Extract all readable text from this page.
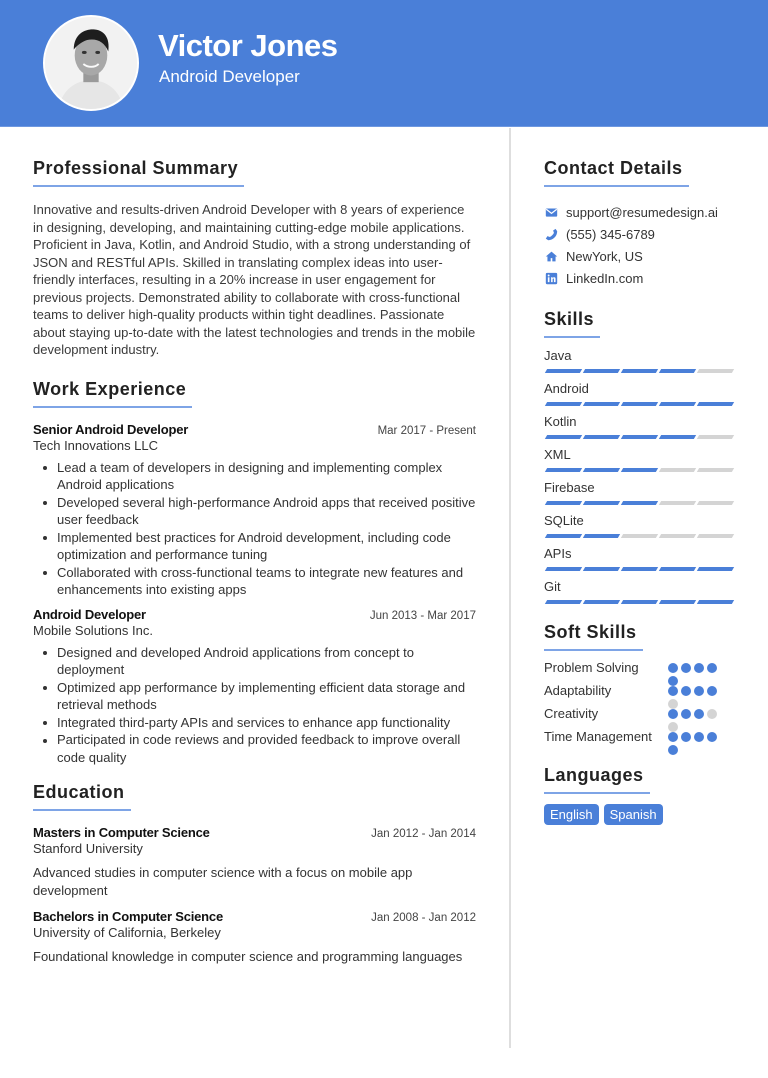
Victor Jones
Android Developer
Professional Summary

Innovative and results-driven Android Developer with 8 years of experience in designing, developing, and maintaining cutting-edge mobile applications. Proficient in Java, Kotlin, and Android Studio, with a strong understanding of JSON and RESTful APIs. Skilled in translating complex ideas into user-friendly interfaces, resulting in a 20% increase in user engagement for previous projects. Demonstrated ability to collaborate with cross-functional teams to deliver high-quality products within tight deadlines. Passionate about staying up-to-date with the latest technologies and trends in the mobile development industry.

Work Experience
Senior Android Developer	Mar 2017 - Present
Tech Innovations LLC
Lead a team of developers in designing and implementing complex Android applications
Developed several high-performance Android apps that received positive user feedback
Implemented best practices for Android development, including code optimization and performance tuning
Collaborated with cross-functional teams to integrate new features and enhancements into existing apps
Android Developer	Jun 2013 - Mar 2017
Mobile Solutions Inc.
Designed and developed Android applications from concept to deployment
Optimized app performance by implementing efficient data storage and retrieval methods
Integrated third-party APIs and services to enhance app functionality
Participated in code reviews and provided feedback to improve overall code quality
Education
Masters in Computer Science	Jan 2012 - Jan 2014
Stanford University

Advanced studies in computer science with a focus on mobile app development

Bachelors in Computer Science	Jan 2008 - Jan 2012
University of California, Berkeley

Foundational knowledge in computer science and programming languages

Contact Details
support@resumedesign.ai
(555) 345-6789
NewYork, US
LinkedIn.com
Skills
Java
Android
Kotlin
XML
Firebase
SQLite
APIs
Git
Soft Skills
Problem Solving
Adaptability
Creativity
Time Management
Languages
English	Spanish
